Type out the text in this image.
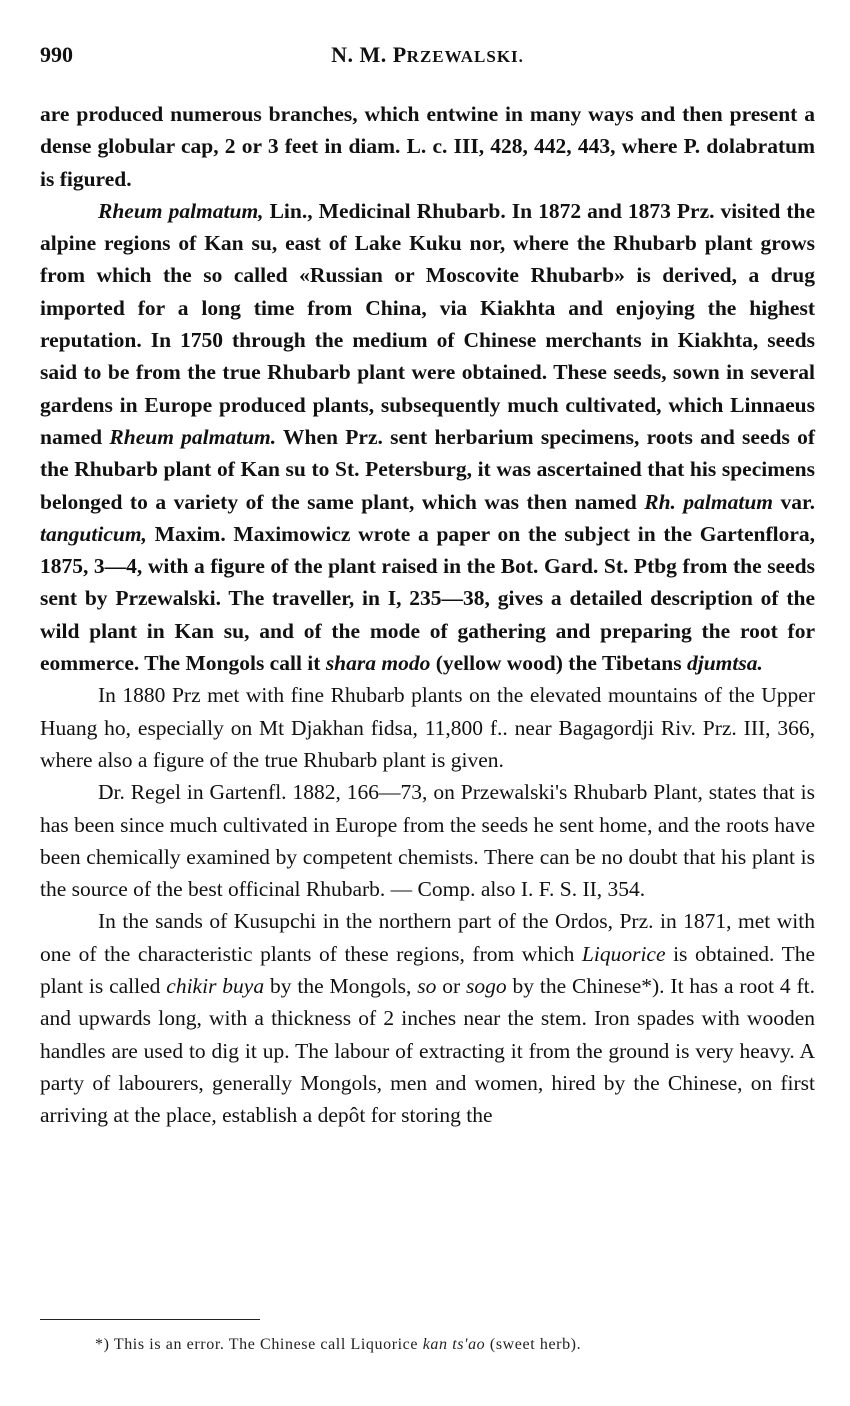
990	N. M. PRZEWALSKI.

are produced numerous branches, which entwine in many ways and then present a dense globular cap, 2 or 3 feet in diam. L. c. III, 428, 442, 443, where P. dolabratum is figured.

Rheum palmatum, Lin., Medicinal Rhubarb. In 1872 and 1873 Prz. visited the alpine regions of Kan su, east of Lake Kuku nor, where the Rhubarb plant grows from which the so called «Russian or Moscovite Rhubarb» is derived, a drug imported for a long time from China, via Kiakhta and enjoying the highest reputation. In 1750 through the medium of Chinese merchants in Kiakhta, seeds said to be from the true Rhubarb plant were obtained. These seeds, sown in several gardens in Europe produced plants, subsequently much cultivated, which Linnaeus named Rheum palmatum. When Prz. sent herbarium specimens, roots and seeds of the Rhubarb plant of Kan su to St. Petersburg, it was ascertained that his specimens belonged to a variety of the same plant, which was then named Rh. palmatum var. tanguticum, Maxim. Maximowicz wrote a paper on the subject in the Gartenflora, 1875, 3—4, with a figure of the plant raised in the Bot. Gard. St. Ptbg from the seeds sent by Przewalski. The traveller, in I, 235—38, gives a detailed description of the wild plant in Kan su, and of the mode of gathering and preparing the root for eommerce. The Mongols call it shara modo (yellow wood) the Tibetans djumtsa.

In 1880 Prz met with fine Rhubarb plants on the elevated mountains of the Upper Huang ho, especially on Mt Djakhan fidsa, 11,800 f.. near Bagagordji Riv. Prz. III, 366, where also a figure of the true Rhubarb plant is given.

Dr. Regel in Gartenfl. 1882, 166—73, on Przewalski's Rhubarb Plant, states that is has been since much cultivated in Europe from the seeds he sent home, and the roots have been chemically examined by competent chemists. There can be no doubt that his plant is the source of the best officinal Rhubarb. — Comp. also I. F. S. II, 354.

In the sands of Kusupchi in the northern part of the Ordos, Prz. in 1871, met with one of the characteristic plants of these regions, from which Liquorice is obtained. The plant is called chikir buya by the Mongols, so or sogo by the Chinese*). It has a root 4 ft. and upwards long, with a thickness of 2 inches near the stem. Iron spades with wooden handles are used to dig it up. The labour of extracting it from the ground is very heavy. A party of labourers, generally Mongols, men and women, hired by the Chinese, on first arriving at the place, establish a depôt for storing the

*) This is an error. The Chinese call Liquorice kan ts'ao (sweet herb).
